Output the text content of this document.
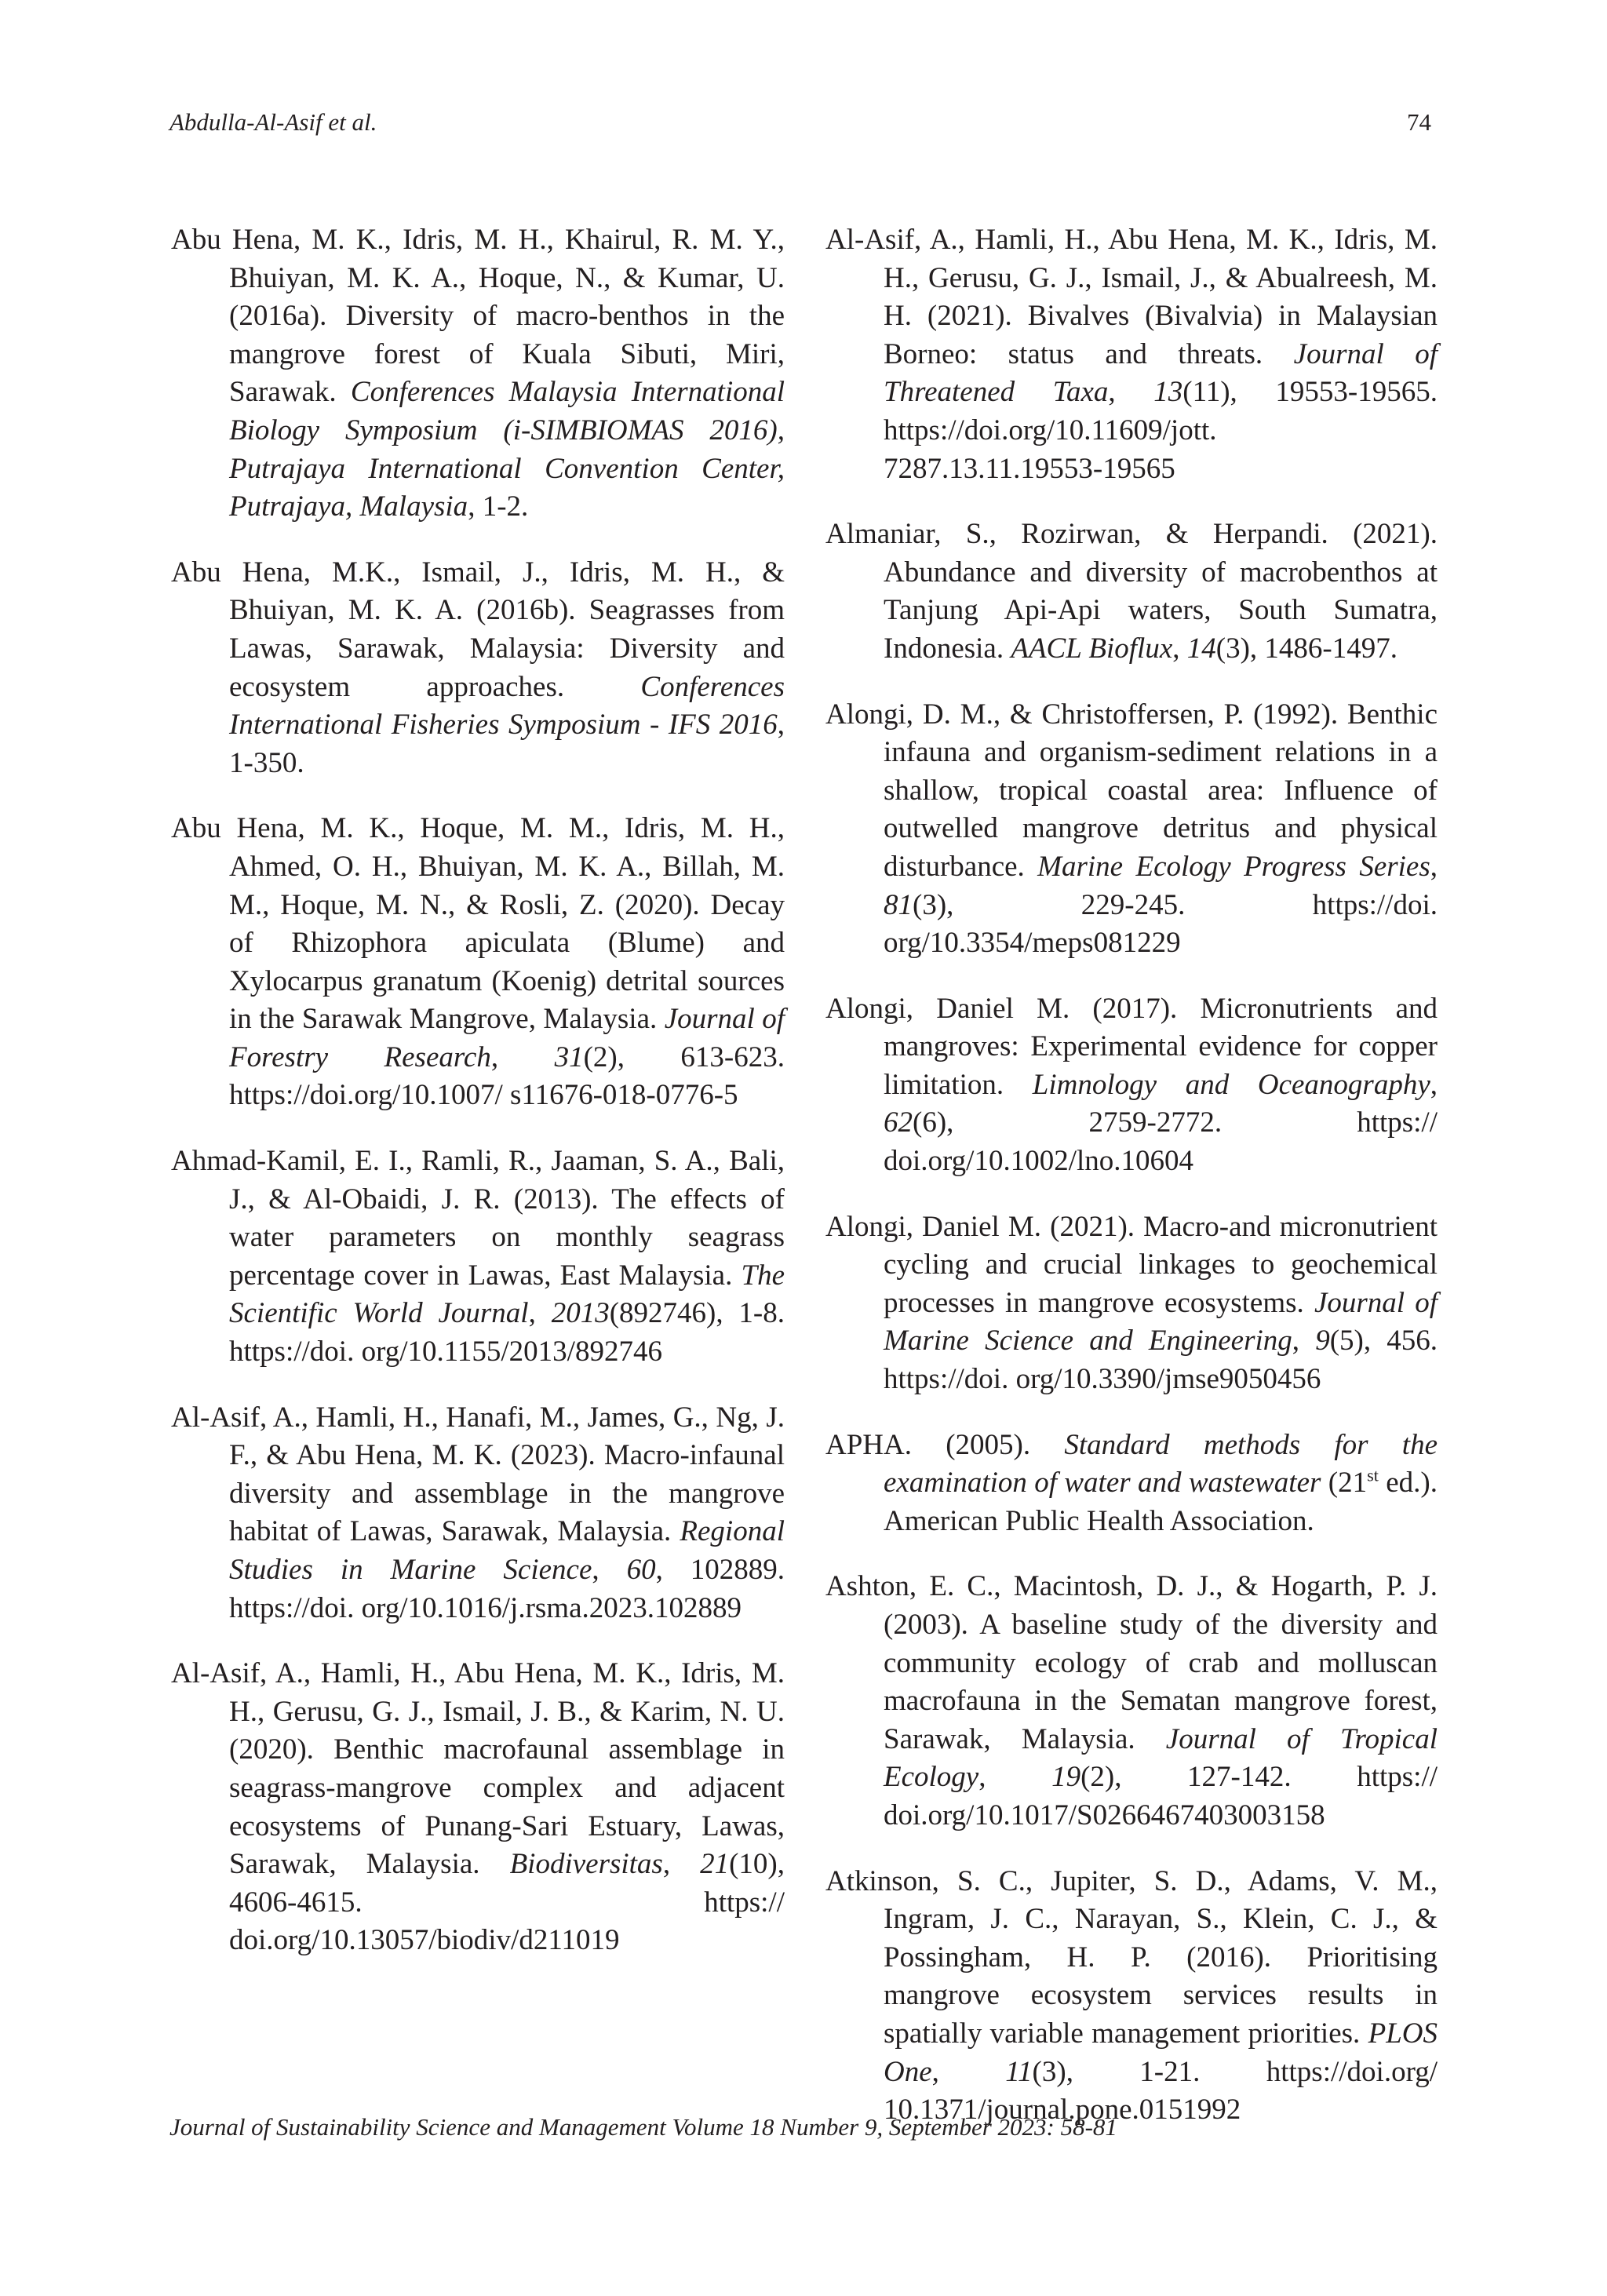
Abdulla-Al-Asif et al.	74

Abu Hena, M. K., Idris, M. H., Khairul, R. M. Y., Bhuiyan, M. K. A., Hoque, N., & Kumar, U. (2016a). Diversity of macro-benthos in the mangrove forest of Kuala Sibuti, Miri, Sarawak. Conferences Malaysia International Biology Symposium (i-SIMBIOMAS 2016), Putrajaya International Convention Center, Putrajaya, Malaysia, 1-2.

Abu Hena, M.K., Ismail, J., Idris, M. H., & Bhuiyan, M. K. A. (2016b). Seagrasses from Lawas, Sarawak, Malaysia: Diversity and ecosystem approaches. Conferences International Fisheries Symposium - IFS 2016, 1-350.

Abu Hena, M. K., Hoque, M. M., Idris, M. H., Ahmed, O. H., Bhuiyan, M. K. A., Billah, M. M., Hoque, M. N., & Rosli, Z. (2020). Decay of Rhizophora apiculata (Blume) and Xylocarpus granatum (Koenig) detrital sources in the Sarawak Mangrove, Malaysia. Journal of Forestry Research, 31(2), 613-623. https://doi.org/10.1007/ s11676-018-0776-5

Ahmad-Kamil, E. I., Ramli, R., Jaaman, S. A., Bali, J., & Al-Obaidi, J. R. (2013). The effects of water parameters on monthly seagrass percentage cover in Lawas, East Malaysia. The Scientific World Journal, 2013(892746), 1-8. https://doi. org/10.1155/2013/892746

Al-Asif, A., Hamli, H., Hanafi, M., James, G., Ng, J. F., & Abu Hena, M. K. (2023). Macro-infaunal diversity and assemblage in the mangrove habitat of Lawas, Sarawak, Malaysia. Regional Studies in Marine Science, 60, 102889. https://doi. org/10.1016/j.rsma.2023.102889

Al-Asif, A., Hamli, H., Abu Hena, M. K., Idris, M. H., Gerusu, G. J., Ismail, J. B., & Karim, N. U. (2020). Benthic macrofaunal assemblage in seagrass-mangrove complex and adjacent ecosystems of Punang-Sari Estuary, Lawas, Sarawak, Malaysia. Biodiversitas, 21(10), 4606-4615. https:// doi.org/10.13057/biodiv/d211019

Al-Asif, A., Hamli, H., Abu Hena, M. K., Idris, M. H., Gerusu, G. J., Ismail, J., & Abualreesh, M. H. (2021). Bivalves (Bivalvia) in Malaysian Borneo: status and threats. Journal of Threatened Taxa, 13(11), 19553-19565. https://doi.org/10.11609/jott. 7287.13.11.19553-19565

Almaniar, S., Rozirwan, & Herpandi. (2021). Abundance and diversity of macrobenthos at Tanjung Api-Api waters, South Sumatra, Indonesia. AACL Bioflux, 14(3), 1486-1497.

Alongi, D. M., & Christoffersen, P. (1992). Benthic infauna and organism-sediment relations in a shallow, tropical coastal area: Influence of outwelled mangrove detritus and physical disturbance. Marine Ecology Progress Series, 81(3), 229-245. https://doi. org/10.3354/meps081229

Alongi, Daniel M. (2017). Micronutrients and mangroves: Experimental evidence for copper limitation. Limnology and Oceanography, 62(6), 2759-2772. https:// doi.org/10.1002/lno.10604

Alongi, Daniel M. (2021). Macro-and micronutrient cycling and crucial linkages to geochemical processes in mangrove ecosystems. Journal of Marine Science and Engineering, 9(5), 456. https://doi. org/10.3390/jmse9050456

APHA. (2005). Standard methods for the examination of water and wastewater (21st ed.). American Public Health Association.

Ashton, E. C., Macintosh, D. J., & Hogarth, P. J. (2003). A baseline study of the diversity and community ecology of crab and molluscan macrofauna in the Sematan mangrove forest, Sarawak, Malaysia. Journal of Tropical Ecology, 19(2), 127-142. https:// doi.org/10.1017/S0266467403003158

Atkinson, S. C., Jupiter, S. D., Adams, V. M., Ingram, J. C., Narayan, S., Klein, C. J., & Possingham, H. P. (2016). Prioritising mangrove ecosystem services results in spatially variable management priorities. PLOS One, 11(3), 1-21. https://doi.org/ 10.1371/journal.pone.0151992

Journal of Sustainability Science and Management Volume 18 Number 9, September 2023: 58-81
